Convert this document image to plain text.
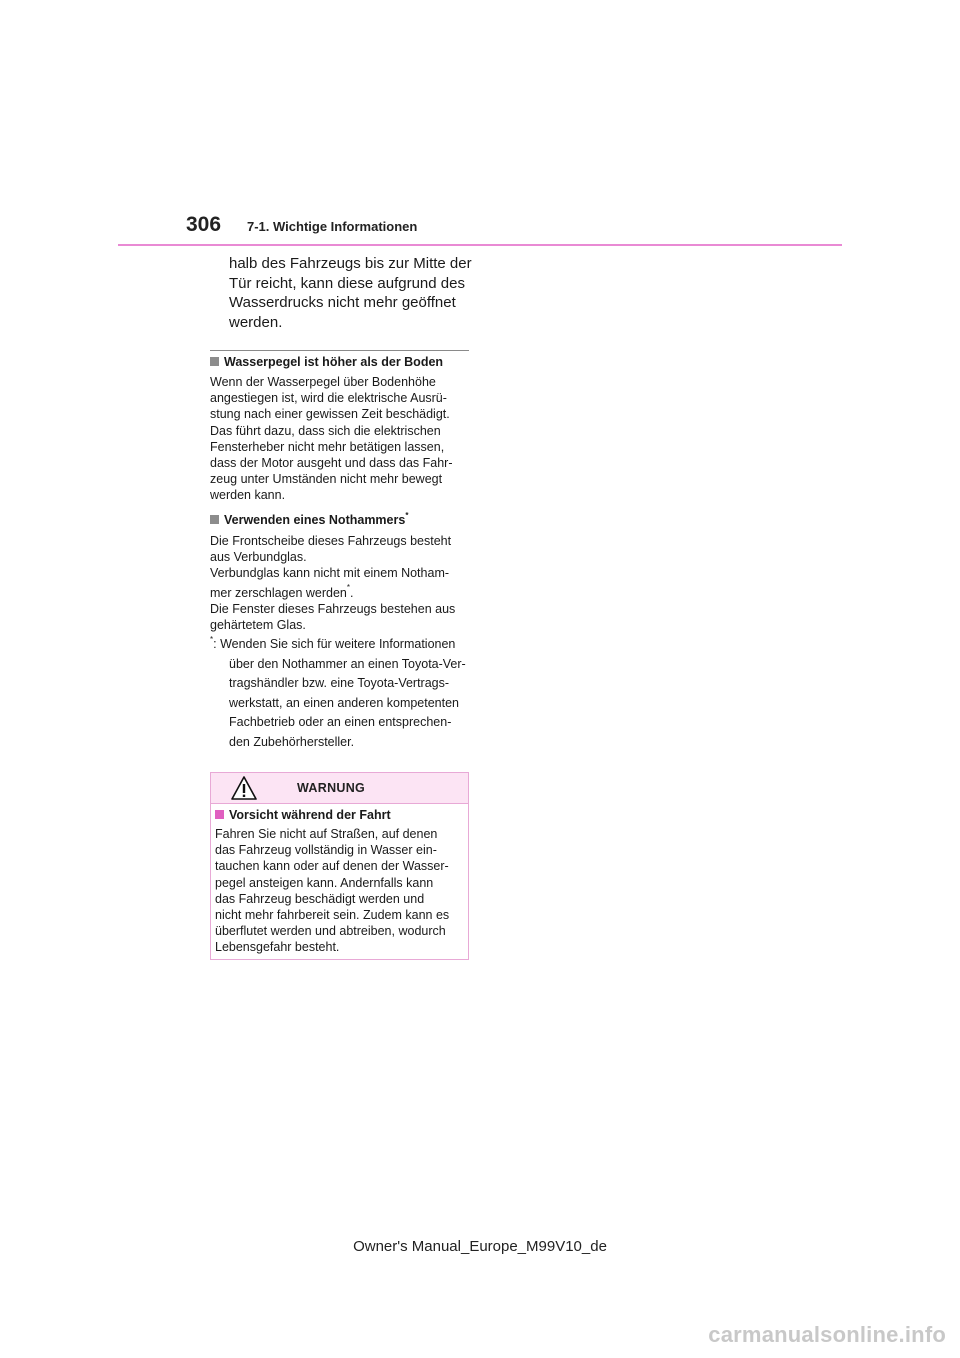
306 7-1. Wichtige Informationen
halb des Fahrzeugs bis zur Mitte der
Tür reicht, kann diese aufgrund des
Wasserdrucks nicht mehr geöffnet
werden.
Wasserpegel ist höher als der Boden
Wenn der Wasserpegel über Bodenhöhe
angestiegen ist, wird die elektrische Ausrü-
stung nach einer gewissen Zeit beschädigt.
Das führt dazu, dass sich die elektrischen
Fensterheber nicht mehr betätigen lassen,
dass der Motor ausgeht und dass das Fahr-
zeug unter Umständen nicht mehr bewegt
werden kann.
Verwenden eines Nothammers*
Die Frontscheibe dieses Fahrzeugs besteht
aus Verbundglas.
Verbundglas kann nicht mit einem Notham-
mer zerschlagen werden*.
Die Fenster dieses Fahrzeugs bestehen aus
gehärtetem Glas.
*: Wenden Sie sich für weitere Informationen
über den Nothammer an einen Toyota-Ver-
tragshändler bzw. eine Toyota-Vertrags-
werkstatt, an einen anderen kompetenten
Fachbetrieb oder an einen entsprechen-
den Zubehörhersteller.
WARNUNG
Vorsicht während der Fahrt
Fahren Sie nicht auf Straßen, auf denen
das Fahrzeug vollständig in Wasser ein-
tauchen kann oder auf denen der Wasser-
pegel ansteigen kann. Andernfalls kann
das Fahrzeug beschädigt werden und
nicht mehr fahrbereit sein. Zudem kann es
überflutet werden und abtreiben, wodurch
Lebensgefahr besteht.
Owner's Manual_Europe_M99V10_de
carmanualsonline.info
